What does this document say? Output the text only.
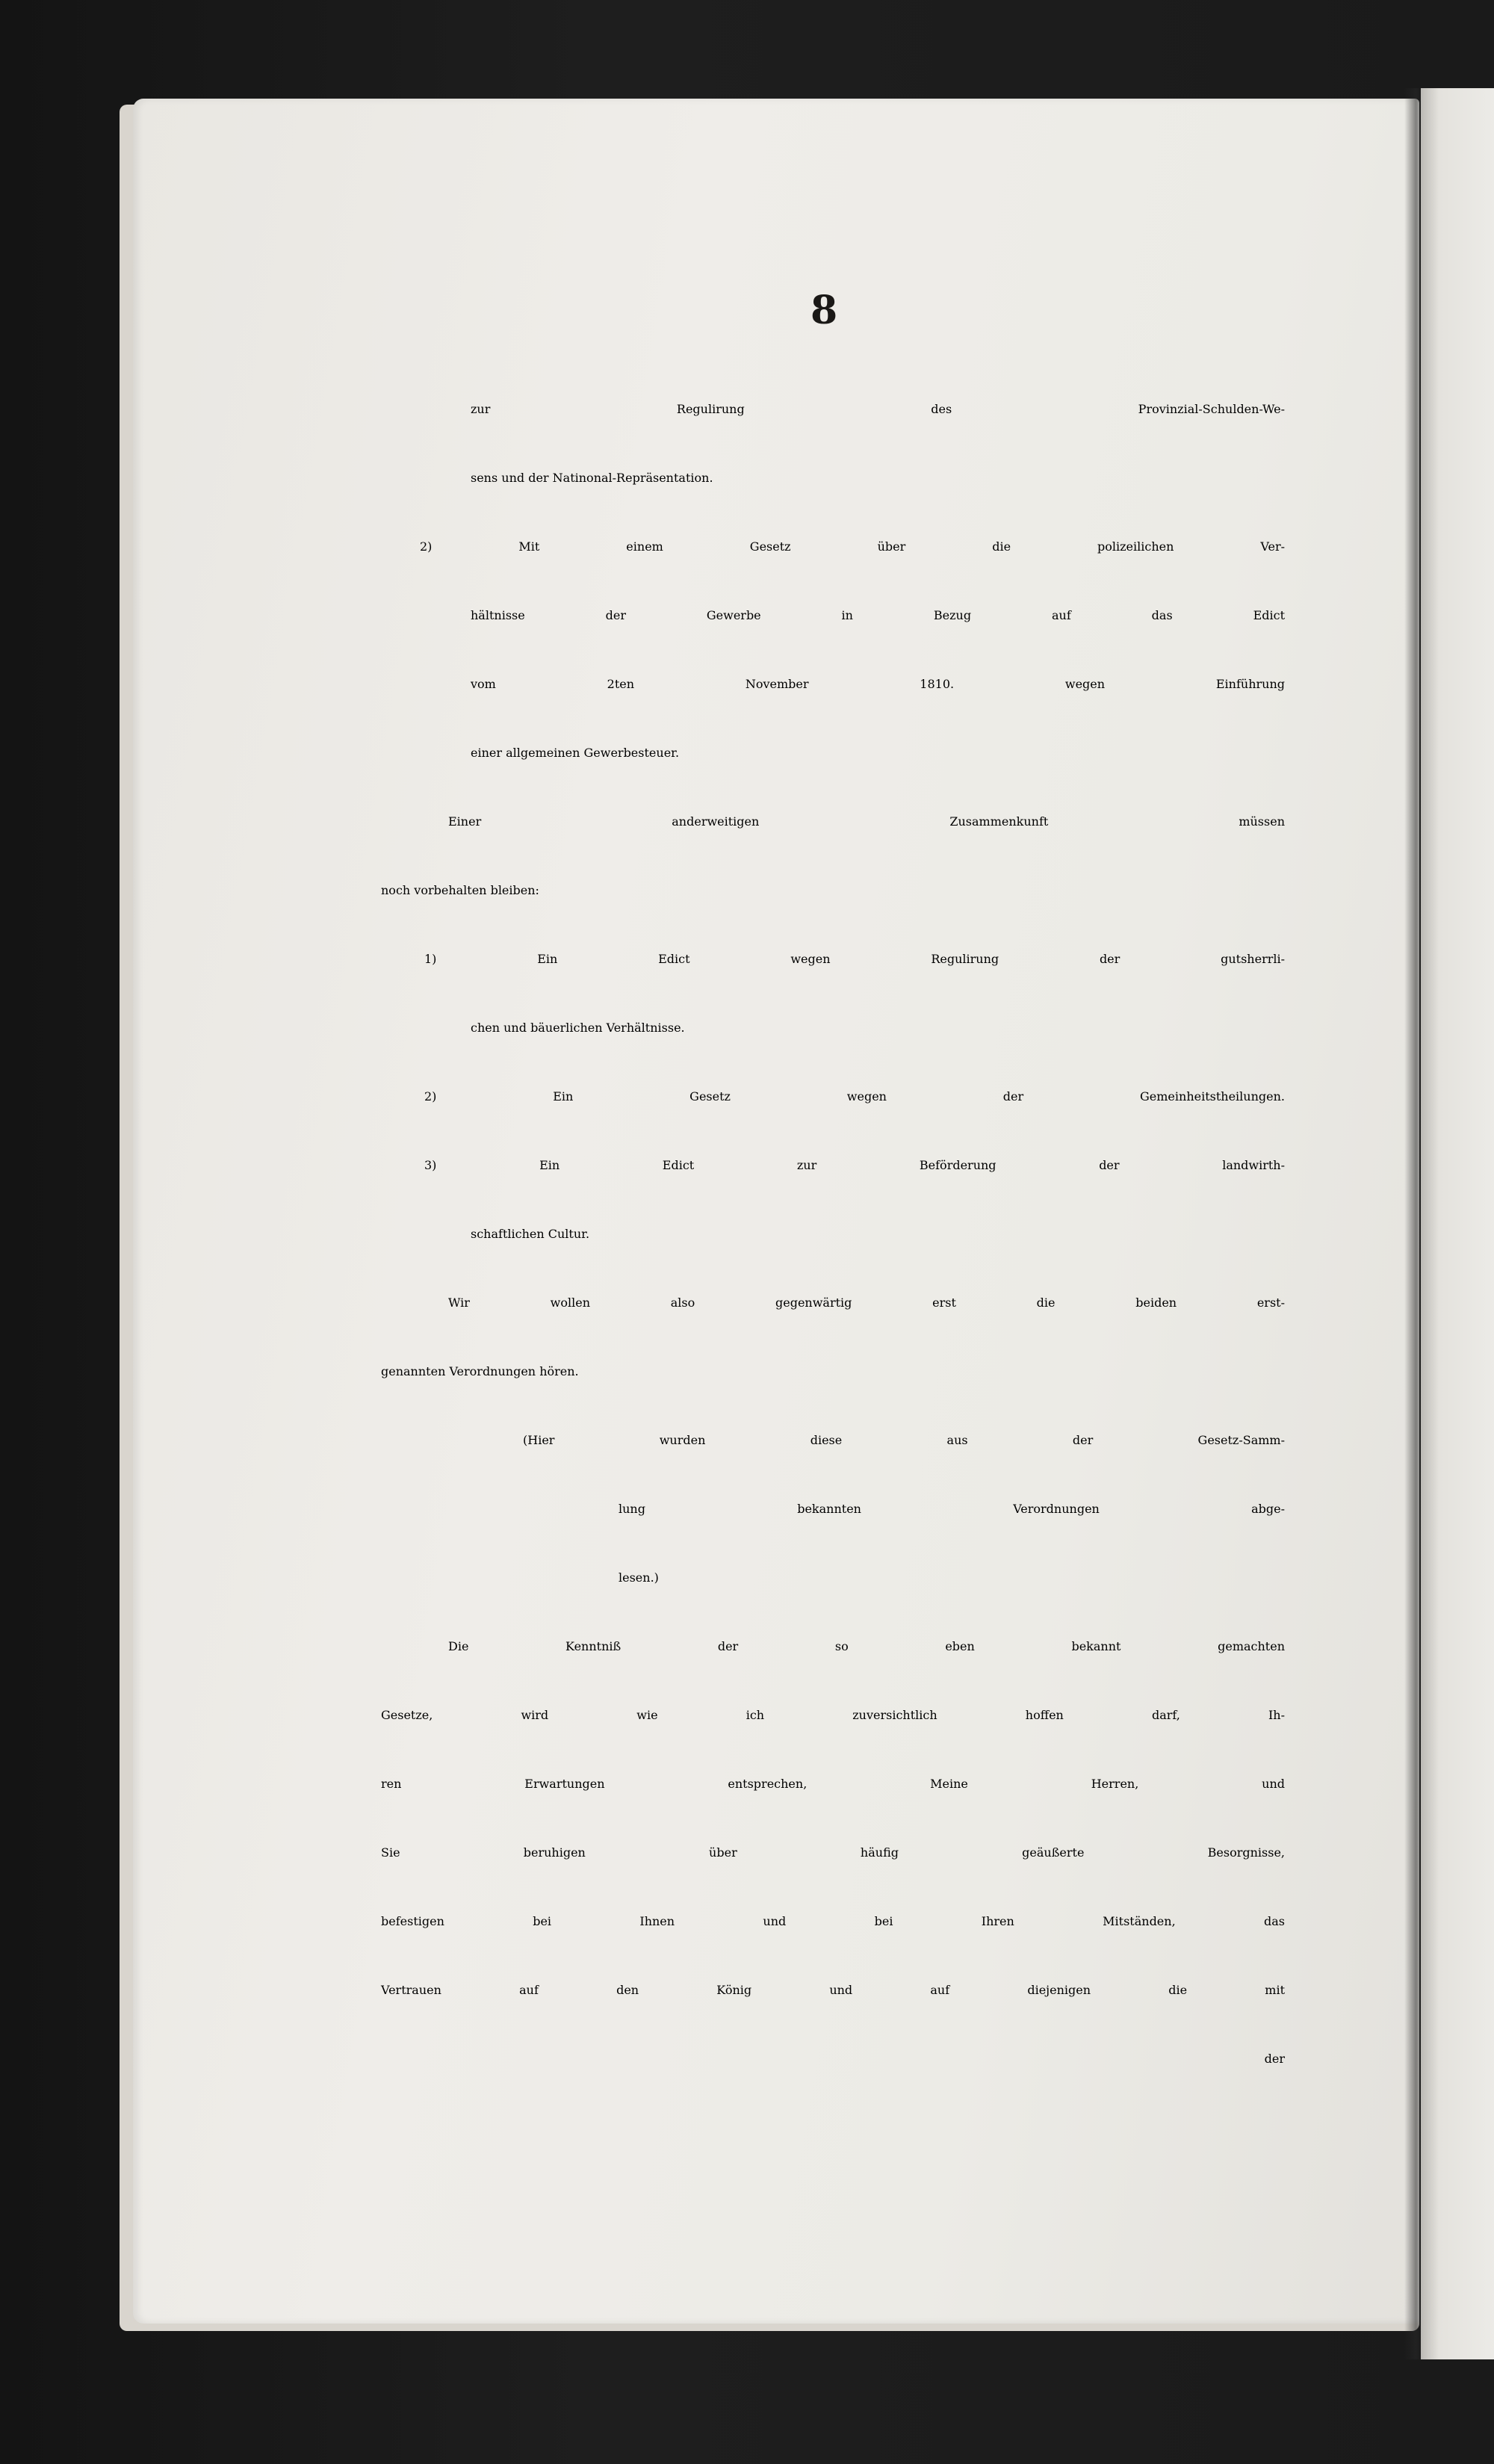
8
zur Regulirung des Provinzial-Schulden-We-
sens und der Natinonal-Repräsentation.
2) Mit einem Gesetz über die polizeilichen Ver-
hältnisse der Gewerbe in Bezug auf das Edict
vom 2ten November 1810. wegen Einführung
einer allgemeinen Gewerbesteuer.
Einer anderweitigen Zusammenkunft müssen
noch vorbehalten bleiben:
1) Ein Edict wegen Regulirung der gutsherrli-
chen und bäuerlichen Verhältnisse.
2) Ein Gesetz wegen der Gemeinheitstheilungen.
3) Ein Edict zur Beförderung der landwirth-
schaftlichen Cultur.
Wir wollen also gegenwärtig erst die beiden erst-
genannten Verordnungen hören.
(Hier wurden diese aus der Gesetz-Samm-
lung bekannten Verordnungen abge-
lesen.)
Die Kenntniß der so eben bekannt gemachten
Gesetze, wird wie ich zuversichtlich hoffen darf, Ih-
ren Erwartungen entsprechen, Meine Herren, und
Sie beruhigen über häufig geäußerte Besorgnisse,
befestigen bei Ihnen und bei Ihren Mitständen, das
Vertrauen auf den König und auf diejenigen die mit
der
